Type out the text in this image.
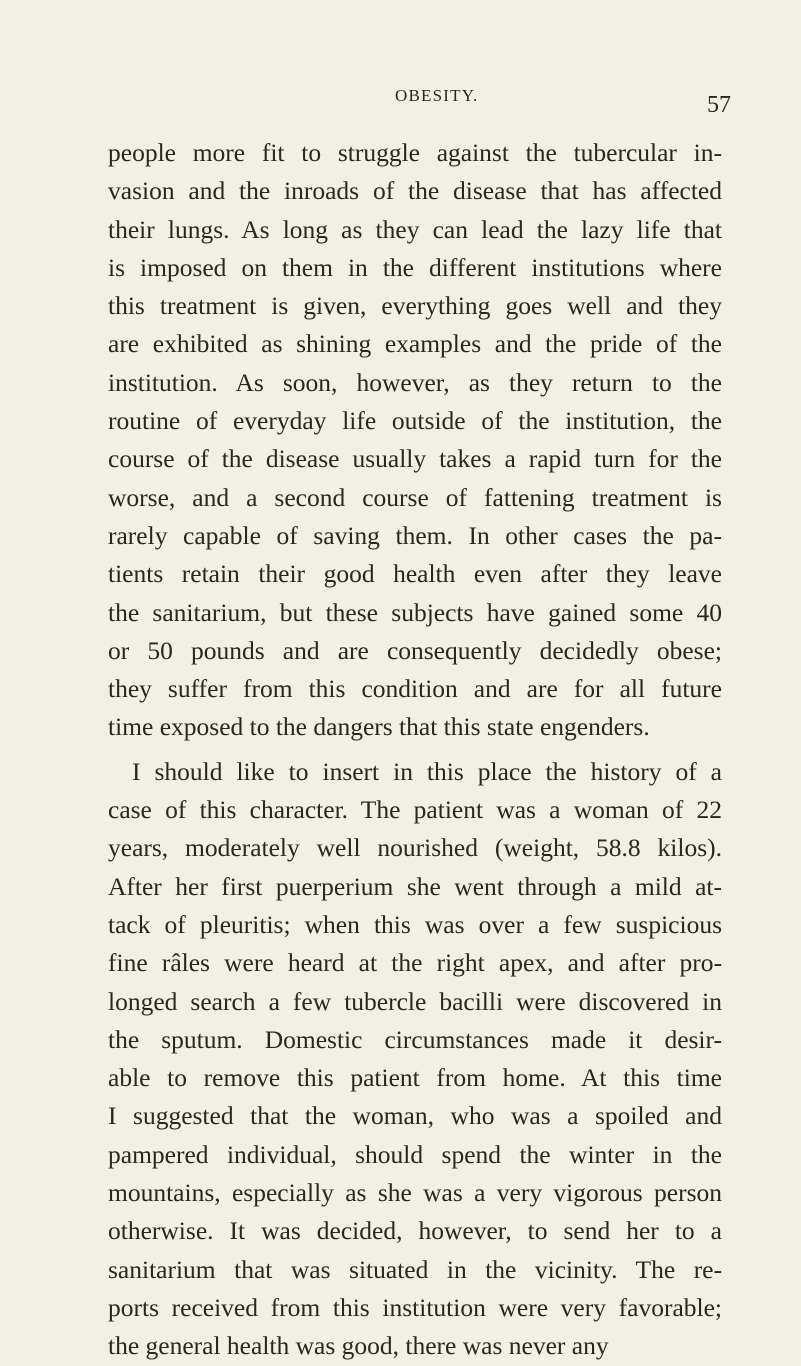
OBESITY.	57
people more fit to struggle against the tubercular in-
vasion and the inroads of the disease that has affected
their lungs. As long as they can lead the lazy life that
is imposed on them in the different institutions where
this treatment is given, everything goes well and they
are exhibited as shining examples and the pride of the
institution. As soon, however, as they return to the
routine of everyday life outside of the institution, the
course of the disease usually takes a rapid turn for the
worse, and a second course of fattening treatment is
rarely capable of saving them. In other cases the pa-
tients retain their good health even after they leave
the sanitarium, but these subjects have gained some 40
or 50 pounds and are consequently decidedly obese;
they suffer from this condition and are for all future
time exposed to the dangers that this state engenders.
I should like to insert in this place the history of a
case of this character. The patient was a woman of 22
years, moderately well nourished (weight, 58.8 kilos).
After her first puerperium she went through a mild at-
tack of pleuritis; when this was over a few suspicious
fine râles were heard at the right apex, and after pro-
longed search a few tubercle bacilli were discovered in
the sputum. Domestic circumstances made it desir-
able to remove this patient from home. At this time
I suggested that the woman, who was a spoiled and
pampered individual, should spend the winter in the
mountains, especially as she was a very vigorous person
otherwise. It was decided, however, to send her to a
sanitarium that was situated in the vicinity. The re-
ports received from this institution were very favorable;
the general health was good, there was never any
